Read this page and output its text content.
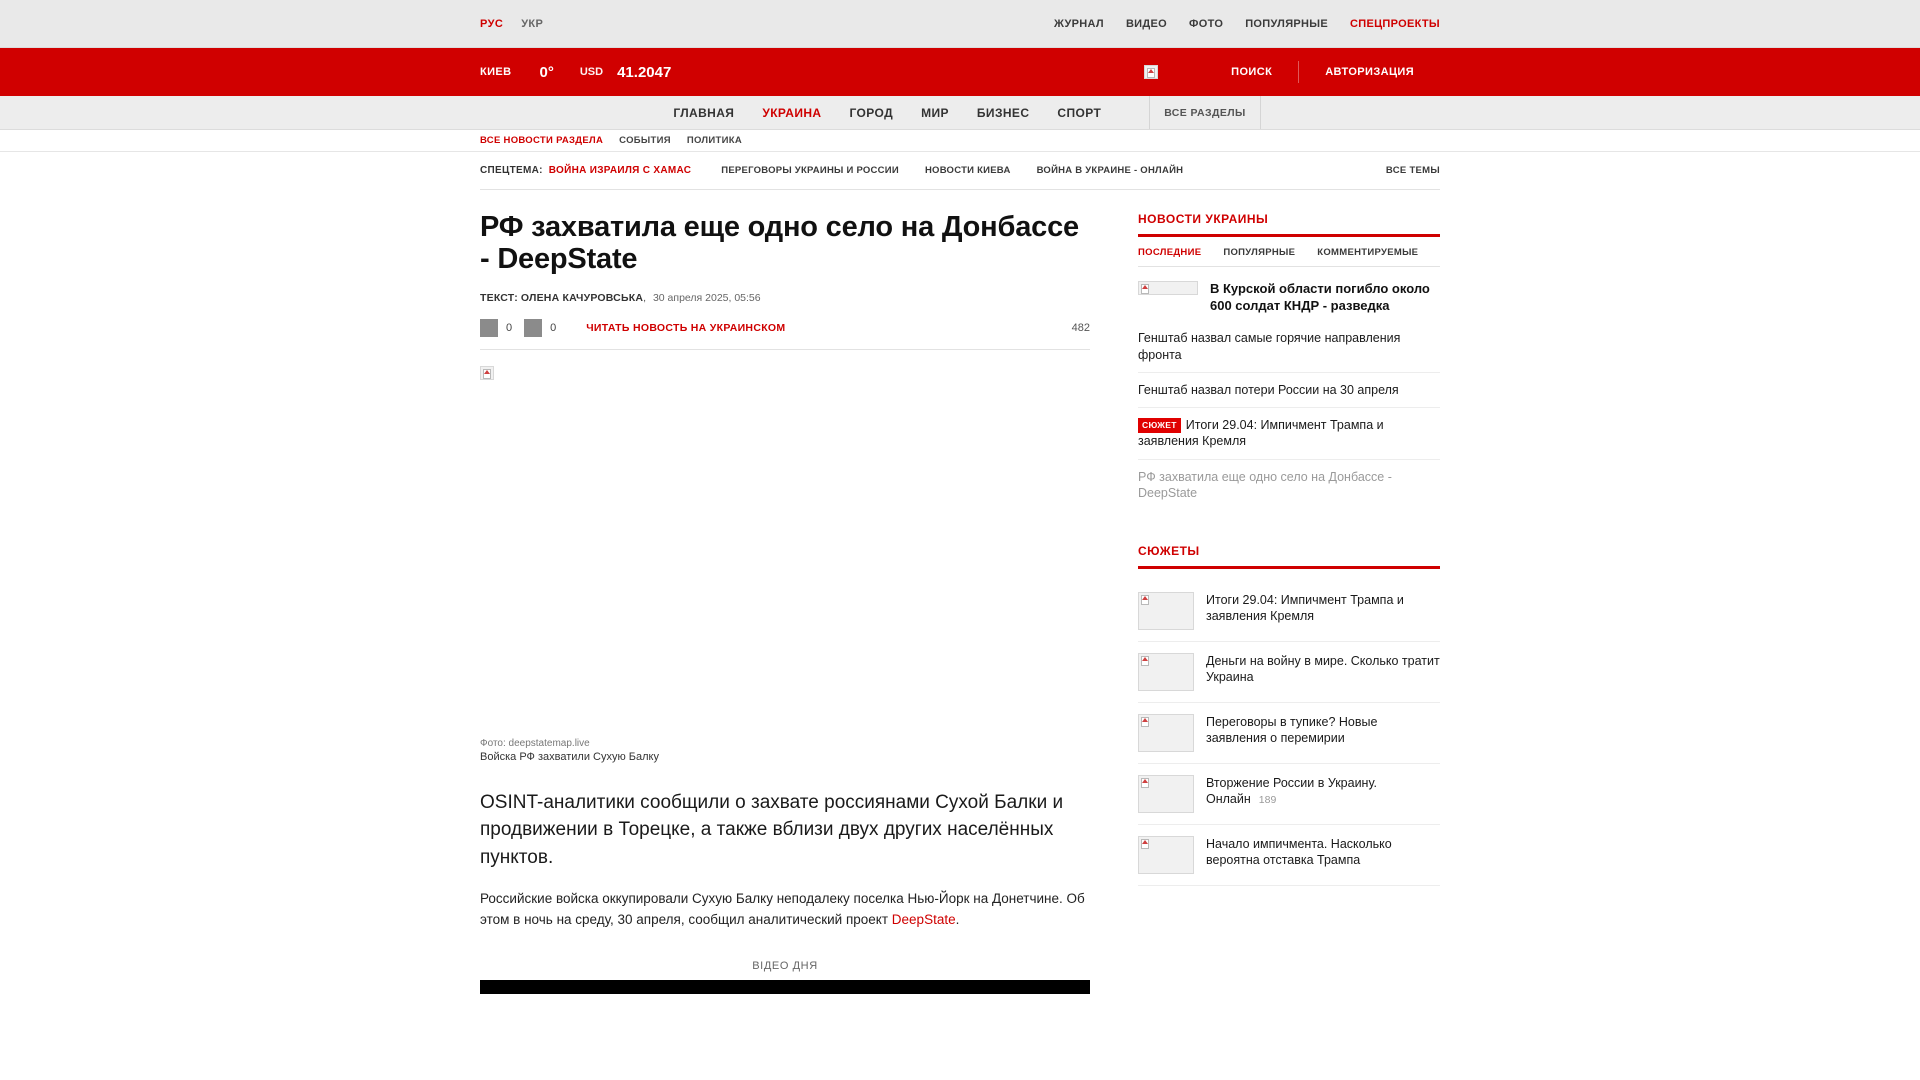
РУС УКР	ЖУРНАЛ ВИДЕО ФОТО ПОПУЛЯРНЫЕ СПЕЦПРОЕКТЫ
КИЕВ 0° USD 41.2047	ПОИСК	АВТОРИЗАЦИЯ
ГЛАВНАЯ	УКРАИНА	ГОРОД	МИР	БИЗНЕС	СПОРТ	ВСЕ РАЗДЕЛЫ
ВСЕ НОВОСТИ РАЗДЕЛА СОБЫТИЯ ПОЛИТИКА
СПЕЦТЕМА: ВОЙНА ИЗРАИЛЯ С ХАМАС	ПЕРЕГОВОРЫ УКРАИНЫ И РОССИИ	НОВОСТИ КИЕВА	ВОЙНА В УКРАИНЕ - ОНЛАЙН	ВСЕ ТЕМЫ
РФ захватила еще одно село на Донбассе - DeepState
ТЕКСТ: ОЛЕНА КАЧУРОВСЬКА, 30 апреля 2025, 05:56
0	0	ЧИТАТЬ НОВОСТЬ НА УКРАИНСКОМ	482
Фото: deepstatemap.live
Войска РФ захватили Сухую Балку

OSINT-аналитики сообщили о захвате россиянами Сухой Балки и продвижении в Торецке, а также вблизи двух других населённых пунктов.

Российские войска оккупировали Сухую Балку неподалеку поселка Нью-Йорк на Донетчине. Об этом в ночь на среду, 30 апреля, сообщил аналитический проект DeepState.

ВІДЕО ДНЯ
НОВОСТИ УКРАИНЫ
ПОСЛЕДНИЕ ПОПУЛЯРНЫЕ КОММЕНТИРУЕМЫЕ
В Курской области погибло около 600 солдат КНДР - разведка
Генштаб назвал самые горячие направления фронта
Генштаб назвал потери России на 30 апреля
СЮЖЕТ Итоги 29.04: Импичмент Трампа и заявления Кремля
РФ захватила еще одно село на Донбассе - DeepState
СЮЖЕТЫ
Итоги 29.04: Импичмент Трампа и заявления Кремля
Деньги на войну в мире. Сколько тратит Украина
Переговоры в тупике? Новые заявления о перемирии
Вторжение России в Украину. Онлайн 189
Начало импичмента. Насколько вероятна отставка Трампа
